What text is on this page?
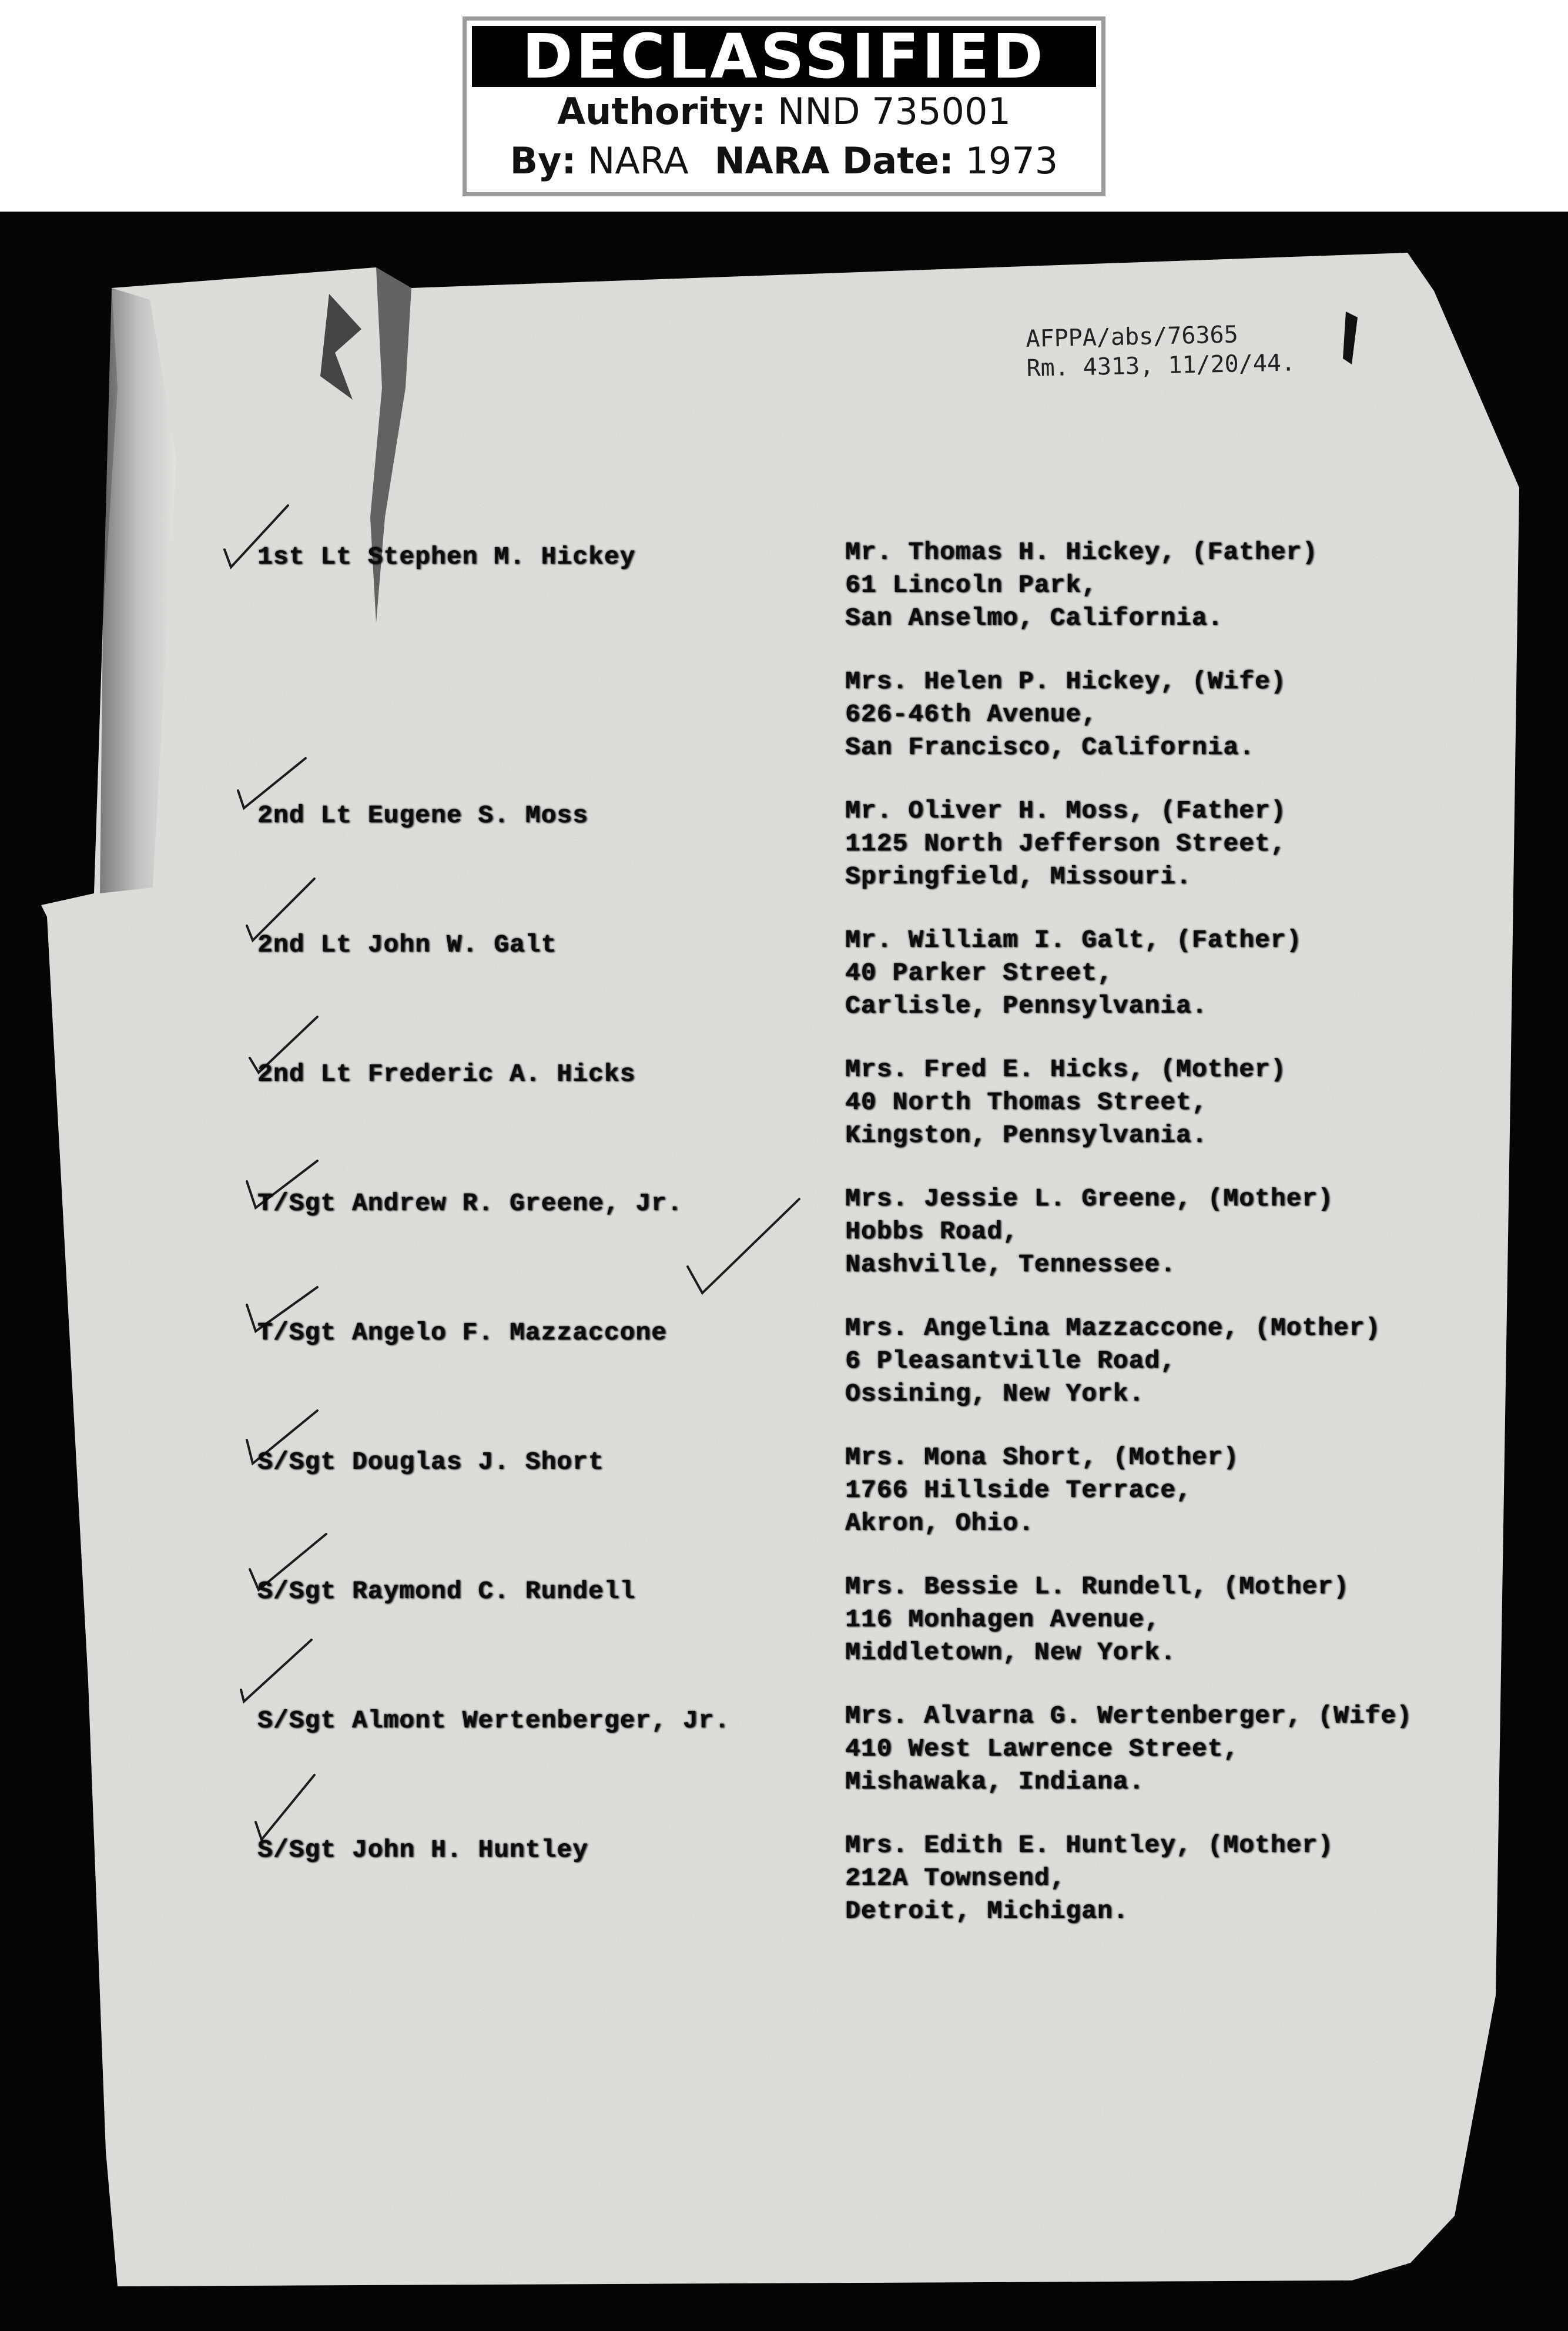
DECLASSIFIED
Authority: NND 735001
By: NARA NARA Date: 1973
AFPPA/abs/76365
Rm. 4313, 11/20/44.
1st Lt Stephen M. Hickey
2nd Lt Eugene S. Moss
2nd Lt John W. Galt
2nd Lt Frederic A. Hicks
T/Sgt Andrew R. Greene, Jr.
T/Sgt Angelo F. Mazzaccone
S/Sgt Douglas J. Short
S/Sgt Raymond C. Rundell
S/Sgt Almont Wertenberger, Jr.
S/Sgt John H. Huntley
Mr. Thomas H. Hickey, (Father)
61 Lincoln Park,
San Anselmo, California.
Mrs. Helen P. Hickey, (Wife)
626-46th Avenue,
San Francisco, California.
Mr. Oliver H. Moss, (Father)
1125 North Jefferson Street,
Springfield, Missouri.
Mr. William I. Galt, (Father)
40 Parker Street,
Carlisle, Pennsylvania.
Mrs. Fred E. Hicks, (Mother)
40 North Thomas Street,
Kingston, Pennsylvania.
Mrs. Jessie L. Greene, (Mother)
Hobbs Road,
Nashville, Tennessee.
Mrs. Angelina Mazzaccone, (Mother)
6 Pleasantville Road,
Ossining, New York.
Mrs. Mona Short, (Mother)
1766 Hillside Terrace,
Akron, Ohio.
Mrs. Bessie L. Rundell, (Mother)
116 Monhagen Avenue,
Middletown, New York.
Mrs. Alvarna G. Wertenberger, (Wife)
410 West Lawrence Street,
Mishawaka, Indiana.
Mrs. Edith E. Huntley, (Mother)
212A Townsend,
Detroit, Michigan.
